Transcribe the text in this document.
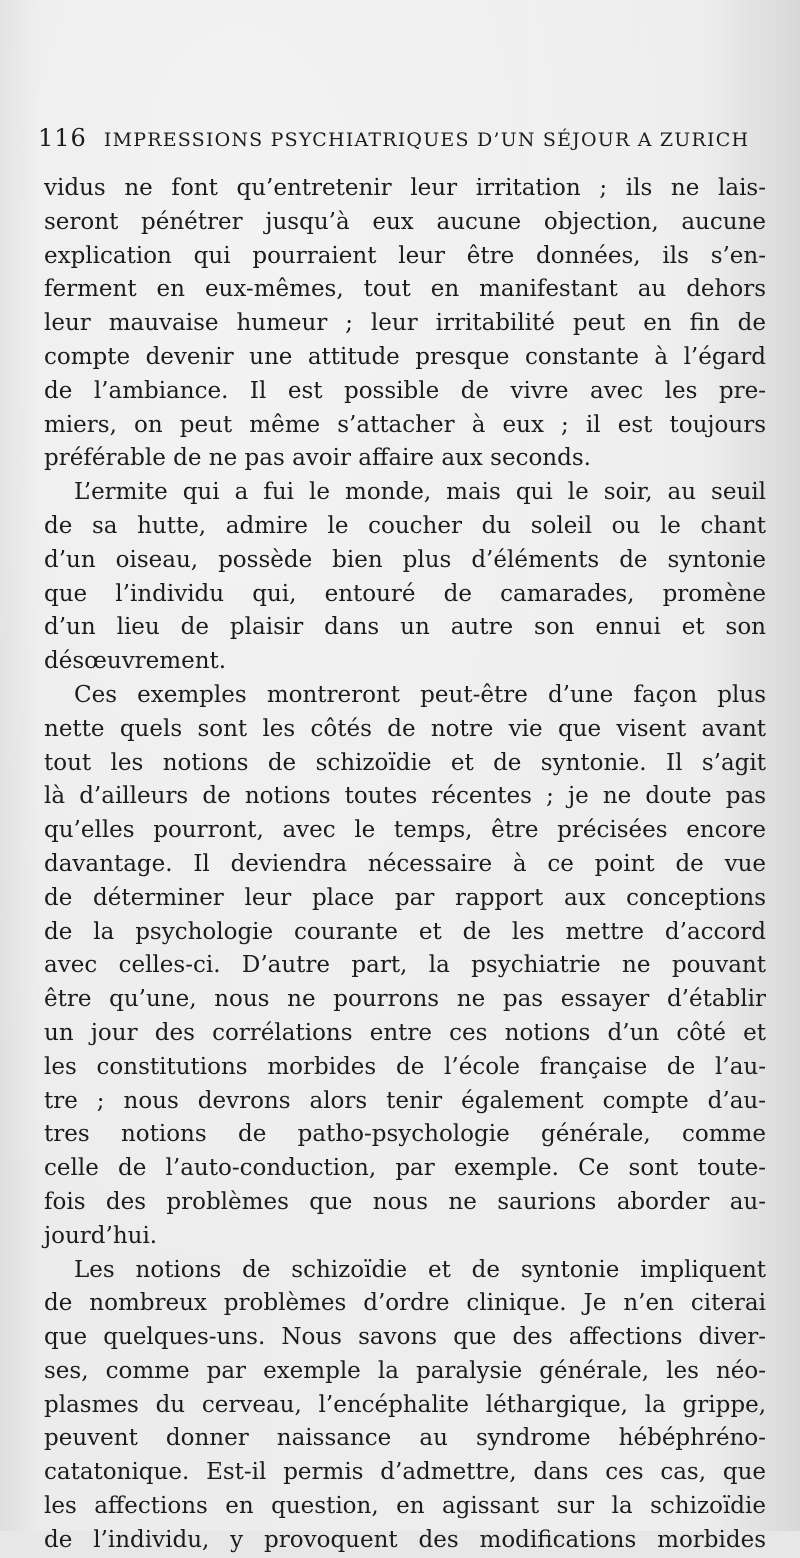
116 IMPRESSIONS PSYCHIATRIQUES D’UN SÉJOUR A ZURICH
vidus ne font qu’entretenir leur irritation ; ils ne lais-
seront pénétrer jusqu’à eux aucune objection, aucune
explication qui pourraient leur être données, ils s’en-
ferment en eux-mêmes, tout en manifestant au dehors
leur mauvaise humeur ; leur irritabilité peut en fin de
compte devenir une attitude presque constante à l’égard
de l’ambiance. Il est possible de vivre avec les pre-
miers, on peut même s’attacher à eux ; il est toujours
préférable de ne pas avoir affaire aux seconds.
L’ermite qui a fui le monde, mais qui le soir, au seuil
de sa hutte, admire le coucher du soleil ou le chant
d’un oiseau, possède bien plus d’éléments de syntonie
que l’individu qui, entouré de camarades, promène
d’un lieu de plaisir dans un autre son ennui et son
désœuvrement.
Ces exemples montreront peut-être d’une façon plus
nette quels sont les côtés de notre vie que visent avant
tout les notions de schizoïdie et de syntonie. Il s’agit
là d’ailleurs de notions toutes récentes ; je ne doute pas
qu’elles pourront, avec le temps, être précisées encore
davantage. Il deviendra nécessaire à ce point de vue
de déterminer leur place par rapport aux conceptions
de la psychologie courante et de les mettre d’accord
avec celles-ci. D’autre part, la psychiatrie ne pouvant
être qu’une, nous ne pourrons ne pas essayer d’établir
un jour des corrélations entre ces notions d’un côté et
les constitutions morbides de l’école française de l’au-
tre ; nous devrons alors tenir également compte d’au-
tres notions de patho-psychologie générale, comme
celle de l’auto-conduction, par exemple. Ce sont toute-
fois des problèmes que nous ne saurions aborder au-
jourd’hui.
Les notions de schizoïdie et de syntonie impliquent
de nombreux problèmes d’ordre clinique. Je n’en citerai
que quelques-uns. Nous savons que des affections diver-
ses, comme par exemple la paralysie générale, les néo-
plasmes du cerveau, l’encéphalite léthargique, la grippe,
peuvent donner naissance au syndrome hébéphréno-
catatonique. Est-il permis d’admettre, dans ces cas, que
les affections en question, en agissant sur la schizoïdie
de l’individu, y provoquent des modifications morbides
